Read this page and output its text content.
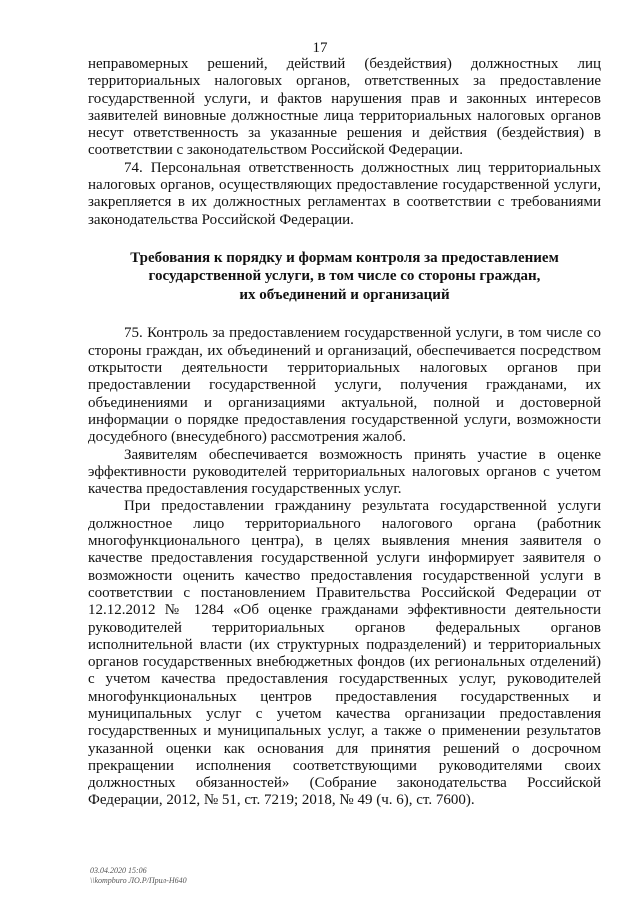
17

неправомерных решений, действий (бездействия) должностных лиц территориальных налоговых органов, ответственных за предоставление государственной услуги, и фактов нарушения прав и законных интересов заявителей виновные должностные лица территориальных налоговых органов несут ответственность за указанные решения и действия (бездействия) в соответствии с законодательством Российской Федерации.

74. Персональная ответственность должностных лиц территориальных налоговых органов, осуществляющих предоставление государственной услуги, закрепляется в их должностных регламентах в соответствии с требованиями законодательства Российской Федерации.

Требования к порядку и формам контроля за предоставлением
государственной услуги, в том числе со стороны граждан,
их объединений и организаций

75. Контроль за предоставлением государственной услуги, в том числе со стороны граждан, их объединений и организаций, обеспечивается посредством открытости деятельности территориальных налоговых органов при предоставлении государственной услуги, получения гражданами, их объединениями и организациями актуальной, полной и достоверной информации о порядке предоставления государственной услуги, возможности досудебного (внесудебного) рассмотрения жалоб.

Заявителям обеспечивается возможность принять участие в оценке эффективности руководителей территориальных налоговых органов с учетом качества предоставления государственных услуг.

При предоставлении гражданину результата государственной услуги должностное лицо территориального налогового органа (работник многофункционального центра), в целях выявления мнения заявителя о качестве предоставления государственной услуги информирует заявителя о возможности оценить качество предоставления государственной услуги в соответствии с постановлением Правительства Российской Федерации от 12.12.2012 № 1284 «Об оценке гражданами эффективности деятельности руководителей территориальных органов федеральных органов исполнительной власти (их структурных подразделений) и территориальных органов государственных внебюджетных фондов (их региональных отделений) с учетом качества предоставления государственных услуг, руководителей многофункциональных центров предоставления государственных и муниципальных услуг с учетом качества организации предоставления государственных и муниципальных услуг, а также о применении результатов указанной оценки как основания для принятия решений о досрочном прекращении исполнения соответствующими руководителями своих должностных обязанностей» (Собрание законодательства Российской Федерации, 2012, № 51, ст. 7219; 2018, № 49 (ч. 6), ст. 7600).

03.04.2020 15:06
\\kompburo ЛО.Р/Прил-Н640
